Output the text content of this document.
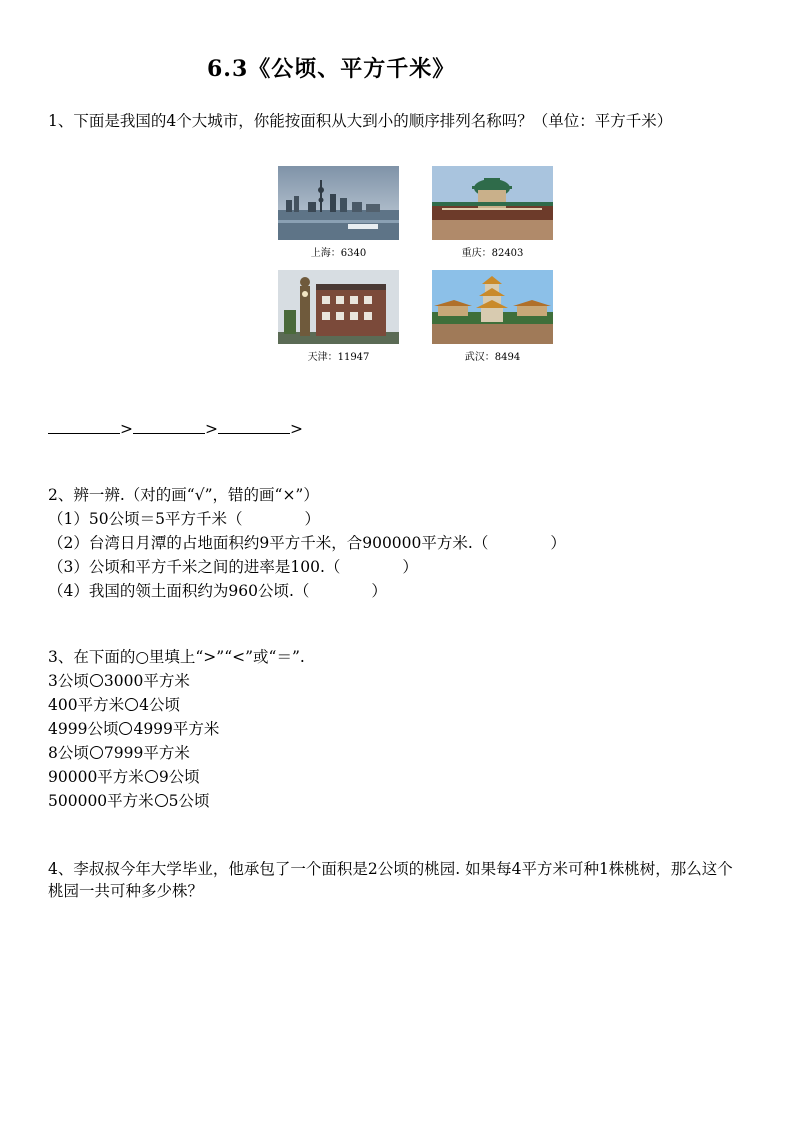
6.3《公顷、平方千米》
1、下面是我国的4个大城市，你能按面积从大到小的顺序排列名称吗？（单位：平方千米）
上海：6340	重庆：82403
天津：11947	武汉：8494
>	>	>
2、辨一辨.（对的画“√”，错的画“×”）
（1）50公顷＝5平方千米（　　　　）
（2）台湾日月潭的占地面积约9平方千米，合900000平方米.（　　　　）
（3）公顷和平方千米之间的进率是100.（　　　　）
（4）我国的领土面积约为960公顷.（　　　　）
3、在下面的○里填上“>”“<”或“＝”.
3公顷 3000平方米
400平方米 4公顷
4999公顷 4999平方米
8公顷 7999平方米
90000平方米 9公顷
500000平方米 5公顷
4、李叔叔今年大学毕业，他承包了一个面积是2公顷的桃园. 如果每4平方米可种1株桃树，那么这个桃园一共可种多少株？
